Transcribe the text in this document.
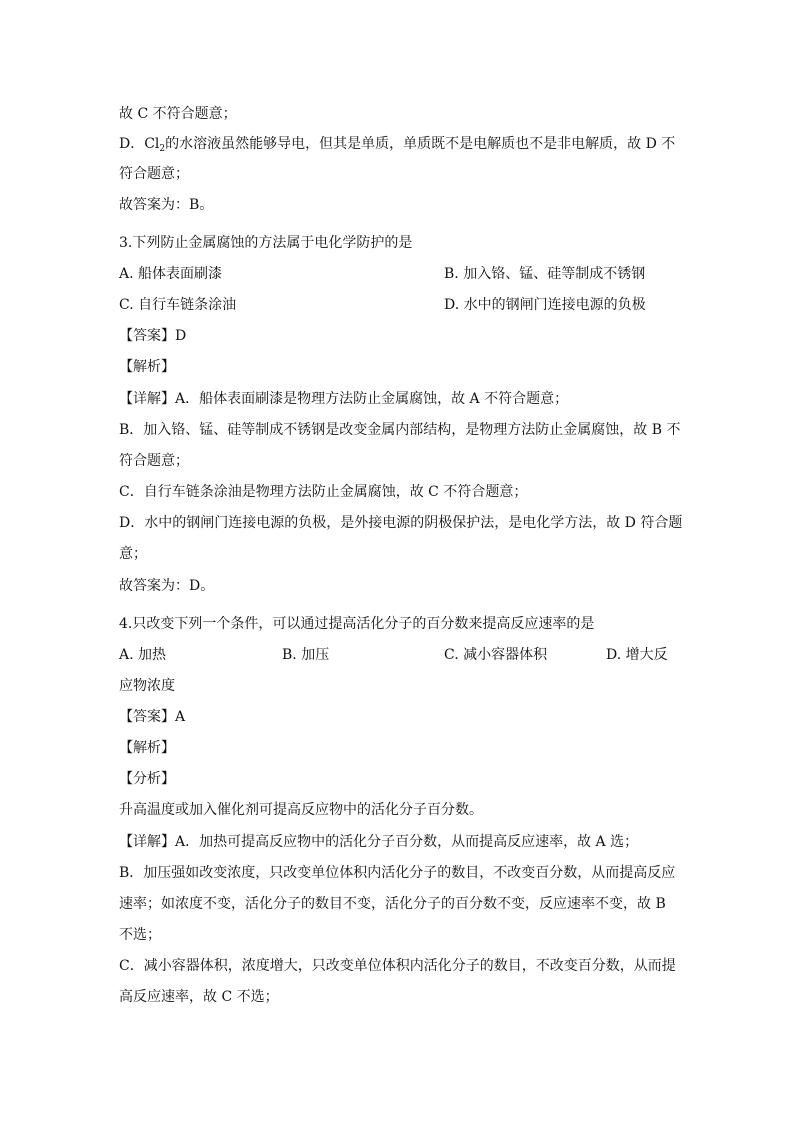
故 C 不符合题意；
D．$Cl_2$的水溶液虽然能够导电，但其是单质，单质既不是电解质也不是非电解质，故 D 不
符合题意；
故答案为：B。
3.下列防止金属腐蚀的方法属于电化学防护的是
A. 船体表面刷漆	B. 加入铬、锰、硅等制成不锈钢
C. 自行车链条涂油	D. 水中的钢闸门连接电源的负极
【答案】D
【解析】
【详解】A．船体表面刷漆是物理方法防止金属腐蚀，故 A 不符合题意；
B．加入铬、锰、硅等制成不锈钢是改变金属内部结构，是物理方法防止金属腐蚀，故 B 不
符合题意；
C．自行车链条涂油是物理方法防止金属腐蚀，故 C 不符合题意；
D．水中的钢闸门连接电源的负极，是外接电源的阴极保护法，是电化学方法，故 D 符合题
意；
故答案为：D。
4.只改变下列一个条件，可以通过提高活化分子的百分数来提高反应速率的是
A. 加热	B. 加压	C. 减小容器体积	D. 增大反
应物浓度
【答案】A
【解析】
【分析】
升高温度或加入催化剂可提高反应物中的活化分子百分数。
【详解】A．加热可提高反应物中的活化分子百分数，从而提高反应速率，故 A 选；
B．加压强如改变浓度，只改变单位体积内活化分子的数目，不改变百分数，从而提高反应
速率；如浓度不变，活化分子的数目不变，活化分子的百分数不变，反应速率不变，故 B
不选；
C．减小容器体积，浓度增大，只改变单位体积内活化分子的数目，不改变百分数，从而提
高反应速率，故 C 不选；
